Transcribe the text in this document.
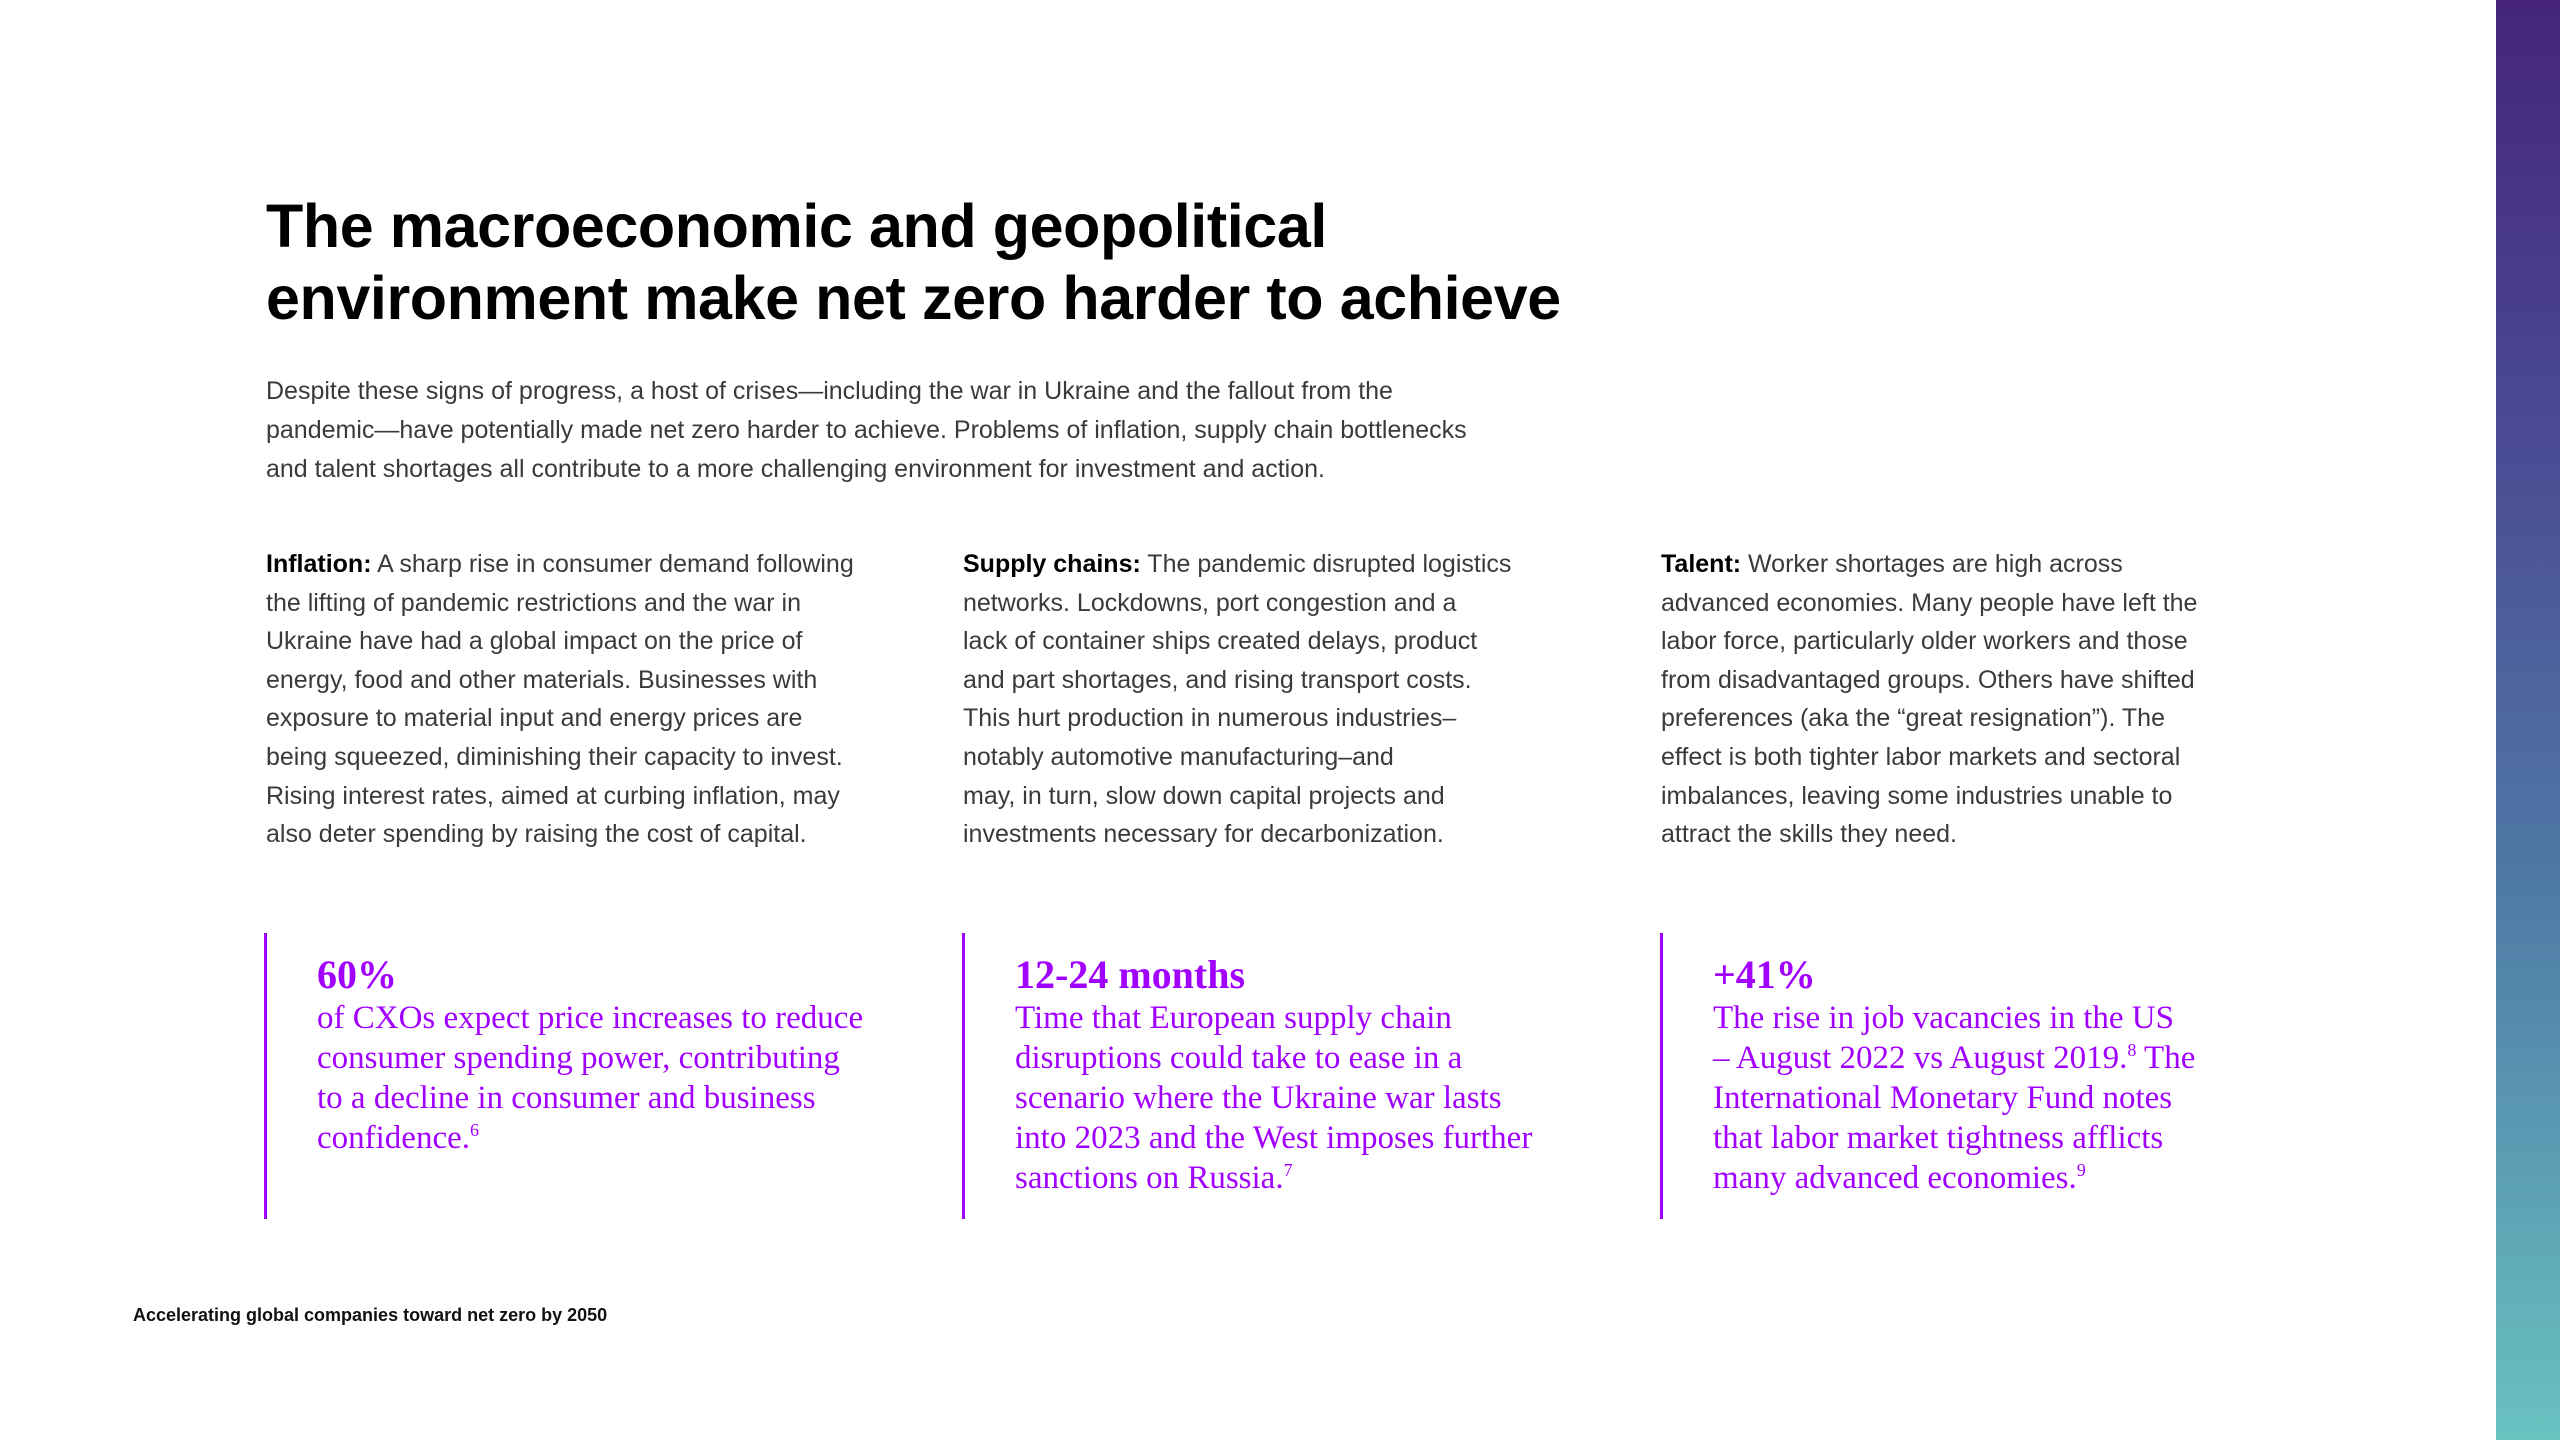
The macroeconomic and geopolitical
environment make net zero harder to achieve
Despite these signs of progress, a host of crises—including the war in Ukraine and the fallout from the
pandemic—have potentially made net zero harder to achieve. Problems of inflation, supply chain bottlenecks
and talent shortages all contribute to a more challenging environment for investment and action.
Inflation: A sharp rise in consumer demand following
the lifting of pandemic restrictions and the war in
Ukraine have had a global impact on the price of
energy, food and other materials. Businesses with
exposure to material input and energy prices are
being squeezed, diminishing their capacity to invest.
Rising interest rates, aimed at curbing inflation, may
also deter spending by raising the cost of capital.
Supply chains: The pandemic disrupted logistics
networks. Lockdowns, port congestion and a
lack of container ships created delays, product
and part shortages, and rising transport costs.
This hurt production in numerous industries–
notably automotive manufacturing–and
may, in turn, slow down capital projects and
investments necessary for decarbonization.
Talent: Worker shortages are high across
advanced economies. Many people have left the
labor force, particularly older workers and those
from disadvantaged groups. Others have shifted
preferences (aka the “great resignation”). The
effect is both tighter labor markets and sectoral
imbalances, leaving some industries unable to
attract the skills they need.
60%
of CXOs expect price increases to reduce
consumer spending power, contributing
to a decline in consumer and business
confidence.$^6$
12-24 months
Time that European supply chain
disruptions could take to ease in a
scenario where the Ukraine war lasts
into 2023 and the West imposes further
sanctions on Russia.$^7$
+41%
The rise in job vacancies in the US
– August 2022 vs August 2019.$^8$ The
International Monetary Fund notes
that labor market tightness afflicts
many advanced economies.$^9$
Accelerating global companies toward net zero by 2050
